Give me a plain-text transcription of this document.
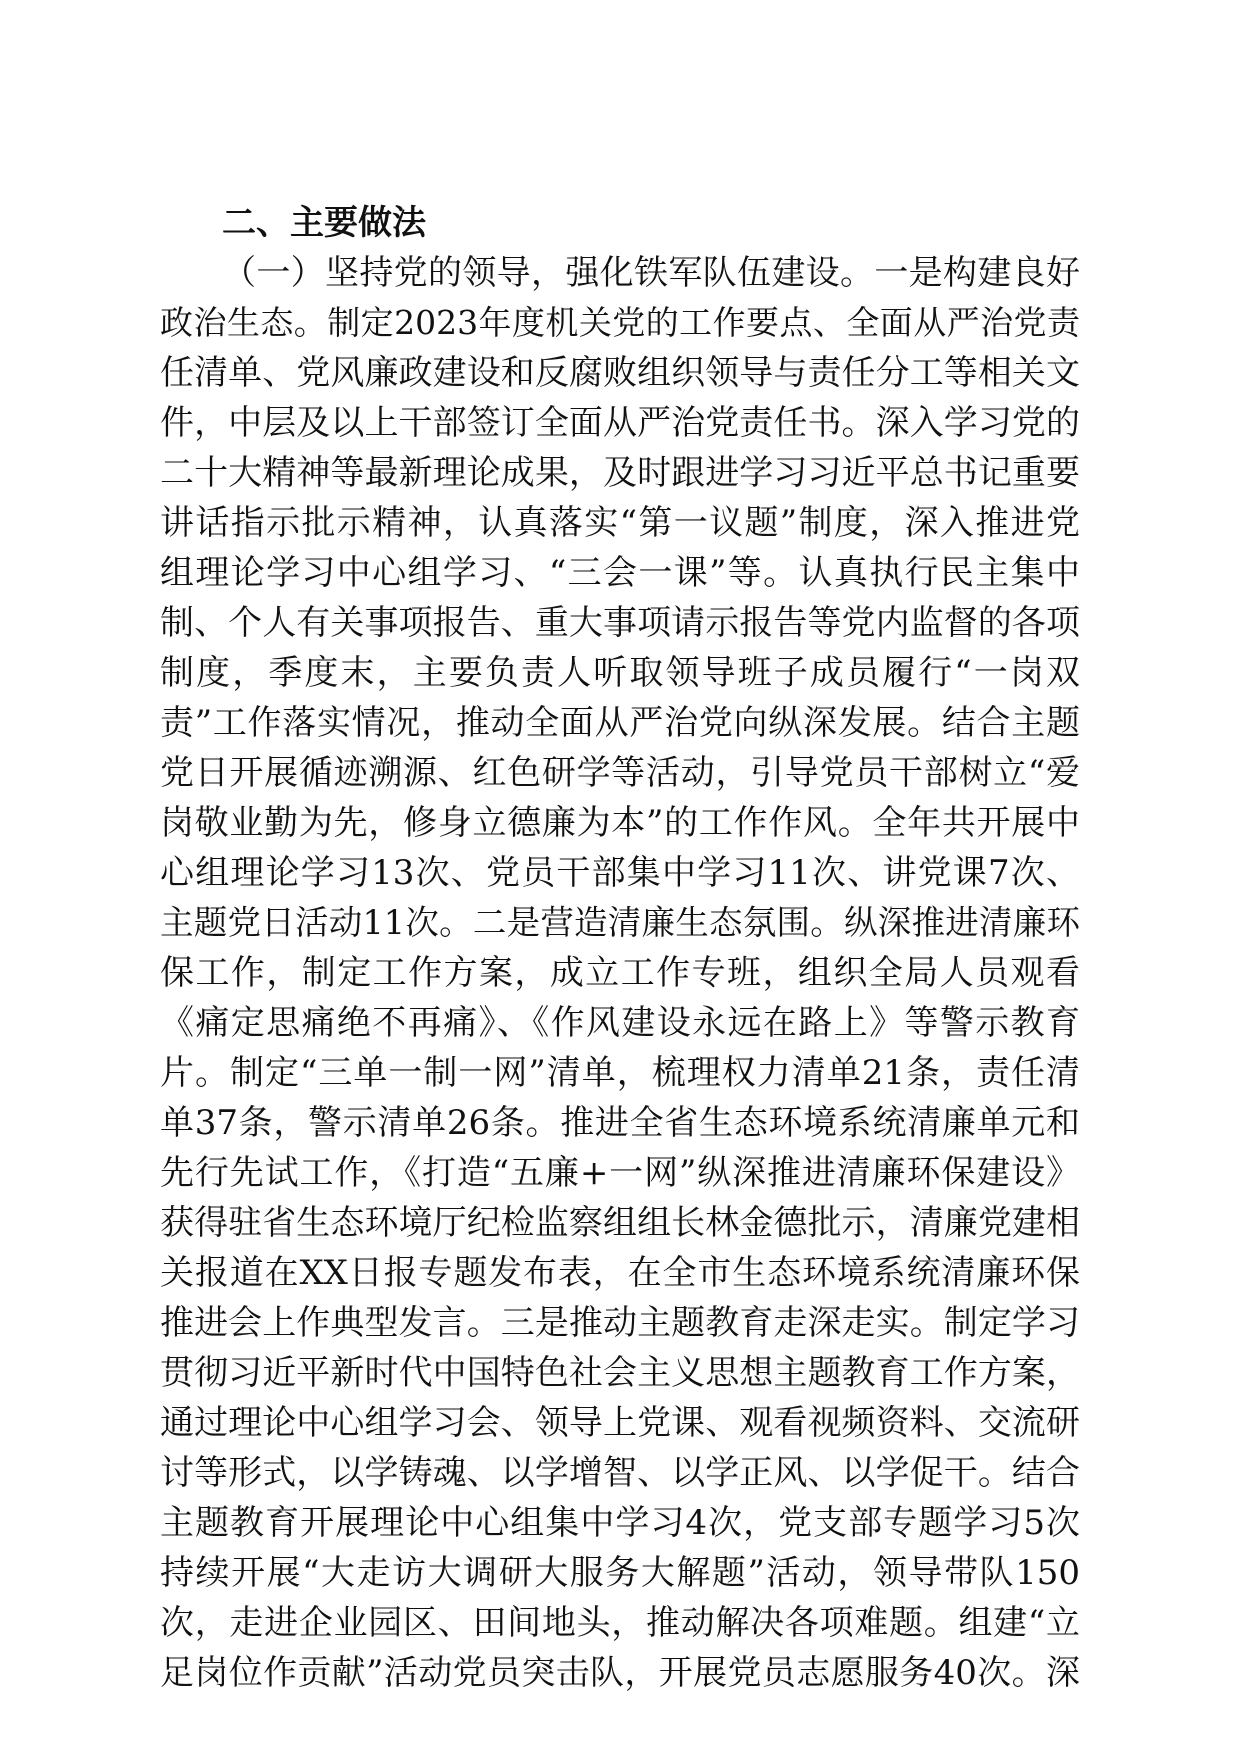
二、主要做法
（一）坚持党的领导，强化铁军队伍建设。一是构建良好
政治生态。制定2023年度机关党的工作要点、全面从严治党责
任清单、党风廉政建设和反腐败组织领导与责任分工等相关文
件，中层及以上干部签订全面从严治党责任书。深入学习党的
二十大精神等最新理论成果，及时跟进学习习近平总书记重要
讲话指示批示精神，认真落实“第一议题”制度，深入推进党
组理论学习中心组学习、“三会一课”等。认真执行民主集中
制、个人有关事项报告、重大事项请示报告等党内监督的各项
制度，季度末，主要负责人听取领导班子成员履行“一岗双
责”工作落实情况，推动全面从严治党向纵深发展。结合主题
党日开展循迹溯源、红色研学等活动，引导党员干部树立“爱
岗敬业勤为先，修身立德廉为本”的工作作风。全年共开展中
心组理论学习13次、党员干部集中学习11次、讲党课7次、
主题党日活动11次。二是营造清廉生态氛围。纵深推进清廉环
保工作，制定工作方案，成立工作专班，组织全局人员观看
《痛定思痛绝不再痛》、《作风建设永远在路上》等警示教育
片。制定“三单一制一网”清单，梳理权力清单21条，责任清
单37条，警示清单26条。推进全省生态环境系统清廉单元和
先行先试工作，《打造“五廉+一网”纵深推进清廉环保建设》
获得驻省生态环境厅纪检监察组组长林金德批示，清廉党建相
关报道在XX日报专题发布表，在全市生态环境系统清廉环保
推进会上作典型发言。三是推动主题教育走深走实。制定学习
贯彻习近平新时代中国特色社会主义思想主题教育工作方案，
通过理论中心组学习会、领导上党课、观看视频资料、交流研
讨等形式，以学铸魂、以学增智、以学正风、以学促干。结合
主题教育开展理论中心组集中学习4次，党支部专题学习5次
持续开展“大走访大调研大服务大解题”活动，领导带队150
次，走进企业园区、田间地头，推动解决各项难题。组建“立
足岗位作贡献”活动党员突击队，开展党员志愿服务40次。深
